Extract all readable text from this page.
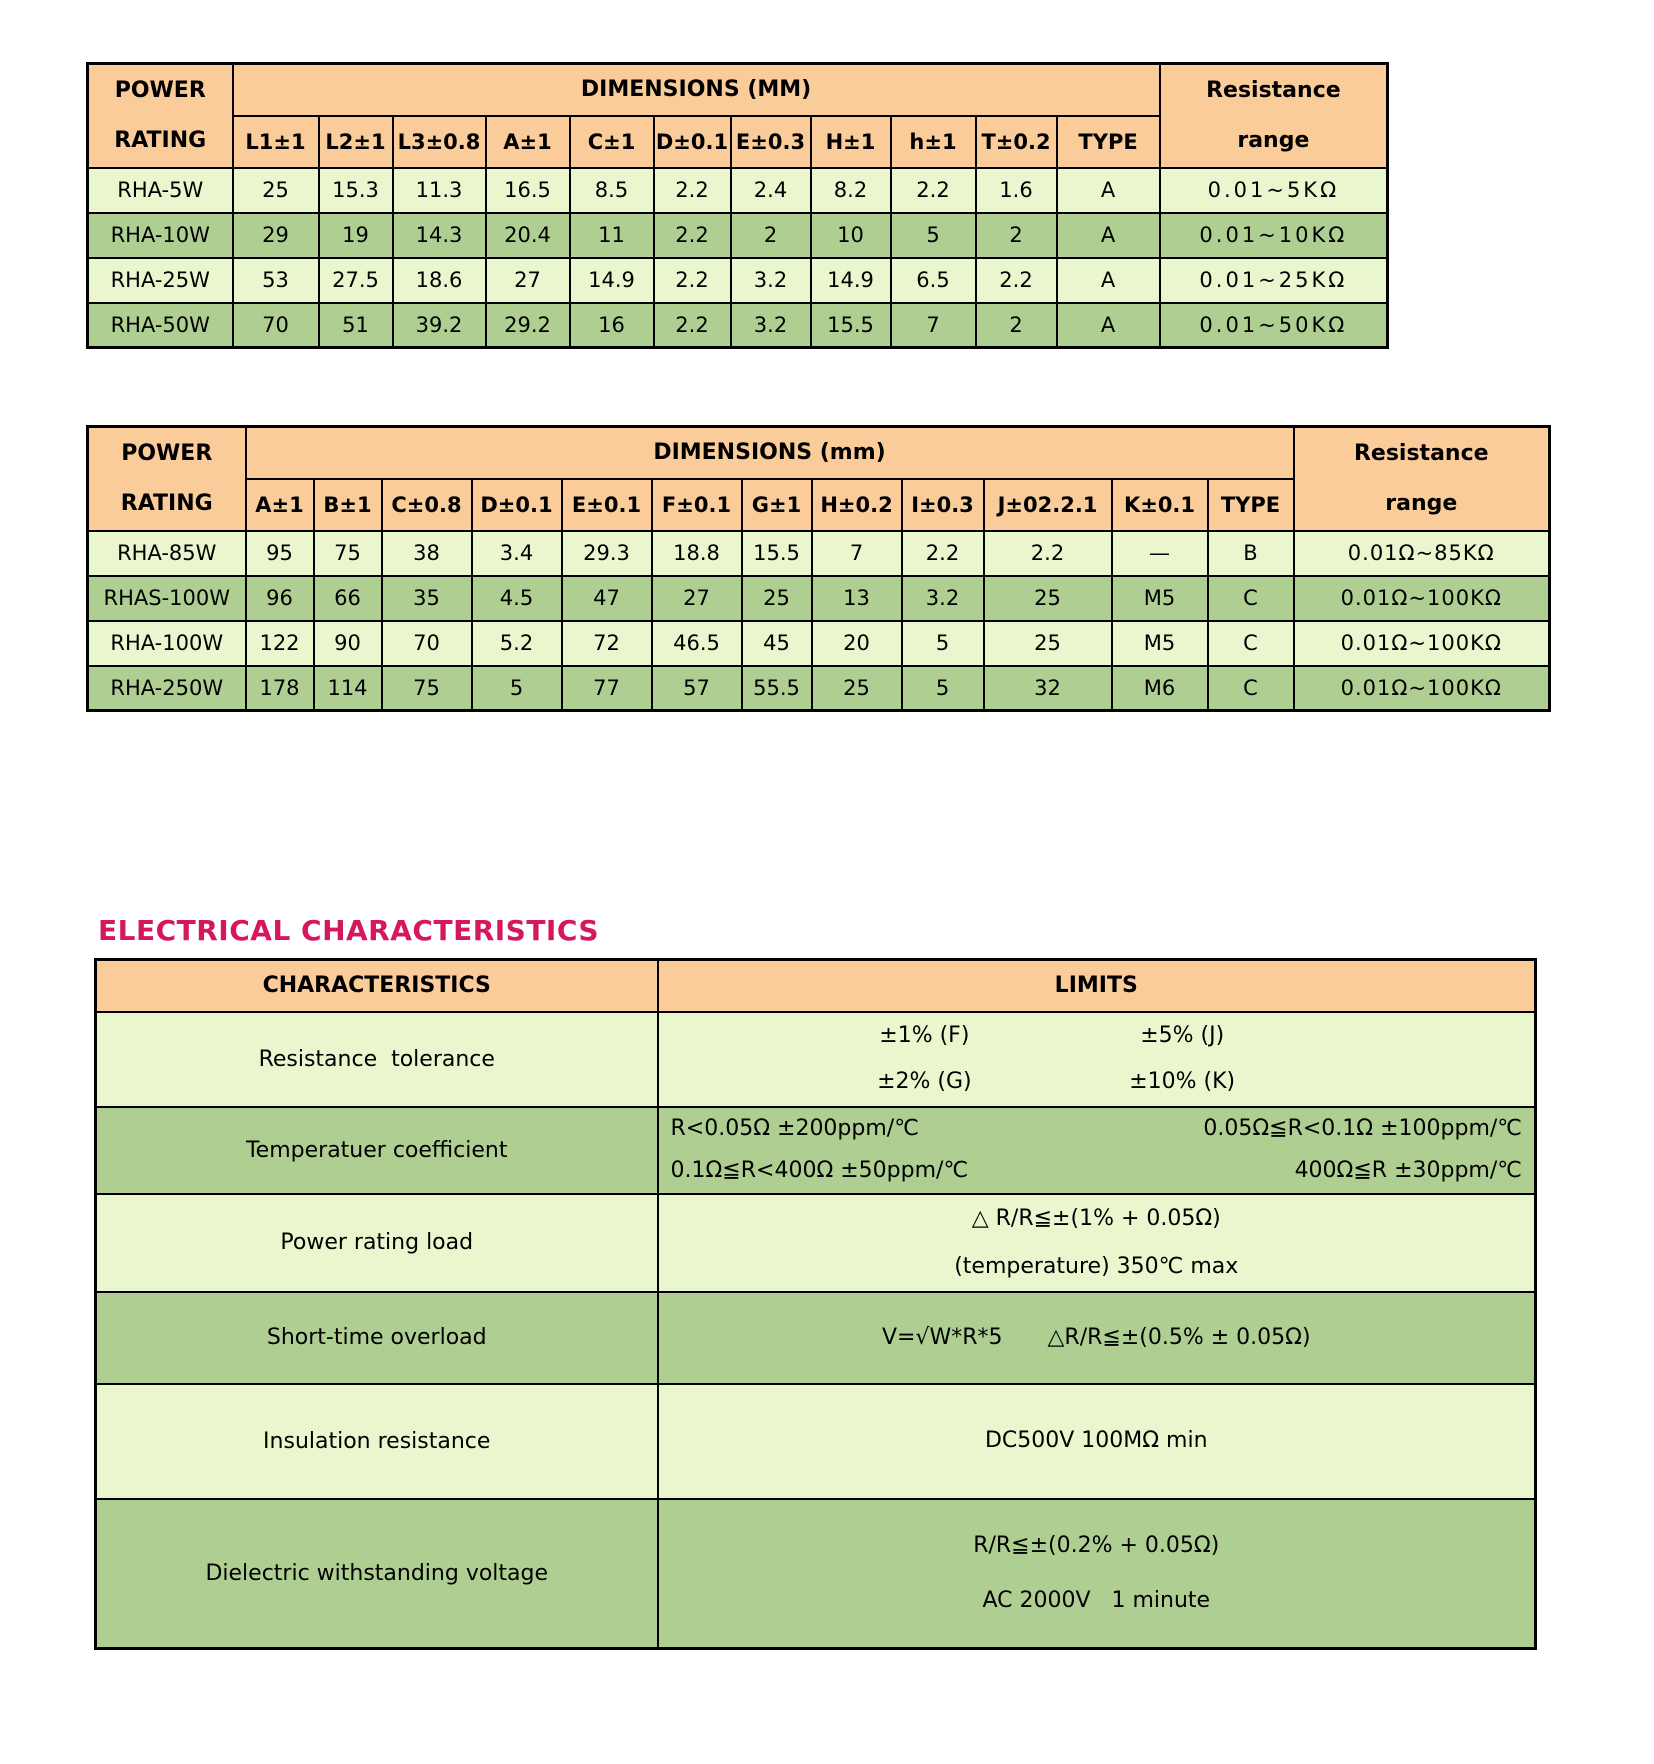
POWER
RATING
	DIMENSIONS (MM)	Resistance
range

	L1±1	L2±1	L3±0.8	A±1	C±1	D±0.1	E±0.3	H±1	h±1	T±0.2	TYPE	
RHA-5W	25	15.3	11.3	16.5	8.5	2.2	2.4	8.2	2.2	1.6	A	0.01~5KΩ
RHA-10W	29	19	14.3	20.4	11	2.2	2	10	5	2	A	0.01~10KΩ
RHA-25W	53	27.5	18.6	27	14.9	2.2	3.2	14.9	6.5	2.2	A	0.01~25KΩ
RHA-50W	70	51	39.2	29.2	16	2.2	3.2	15.5	7	2	A	0.01~50KΩ
POWER
RATING
	DIMENSIONS (mm)	Resistance
range

	A±1	B±1	C±0.8	D±0.1	E±0.1	F±0.1	G±1	H±0.2	I±0.3	J±02.2.1	K±0.1	TYPE	
RHA-85W	95	75	38	3.4	29.3	18.8	15.5	7	2.2	2.2	—	B	0.01Ω~85KΩ
RHAS-100W	96	66	35	4.5	47	27	25	13	3.2	25	M5	C	0.01Ω~100KΩ
RHA-100W	122	90	70	5.2	72	46.5	45	20	5	25	M5	C	0.01Ω~100KΩ
RHA-250W	178	114	75	5	77	57	55.5	25	5	32	M6	C	0.01Ω~100KΩ
ELECTRICAL CHARACTERISTICS
CHARACTERISTICS	LIMITS
Resistance  tolerance	±1% (F) ±5% (J)
±2% (G) ±10% (K)

Temperatuer coefficient	R<0.05Ω ±200ppm/℃ 0.05Ω≦R<0.1Ω ±100ppm/℃
0.1Ω≦R<400Ω ±50ppm/℃ 400Ω≦R ±30ppm/℃

Power rating load	△ R/R≦±(1% + 0.05Ω)
(temperature) 350℃ max

Short-time overload	V=√W*R*5 △R/R≦±(0.5% ± 0.05Ω)

Insulation resistance	DC500V 100MΩ min

Dielectric withstanding voltage	R/R≦±(0.2% + 0.05Ω)
AC 2000V   1 minute
